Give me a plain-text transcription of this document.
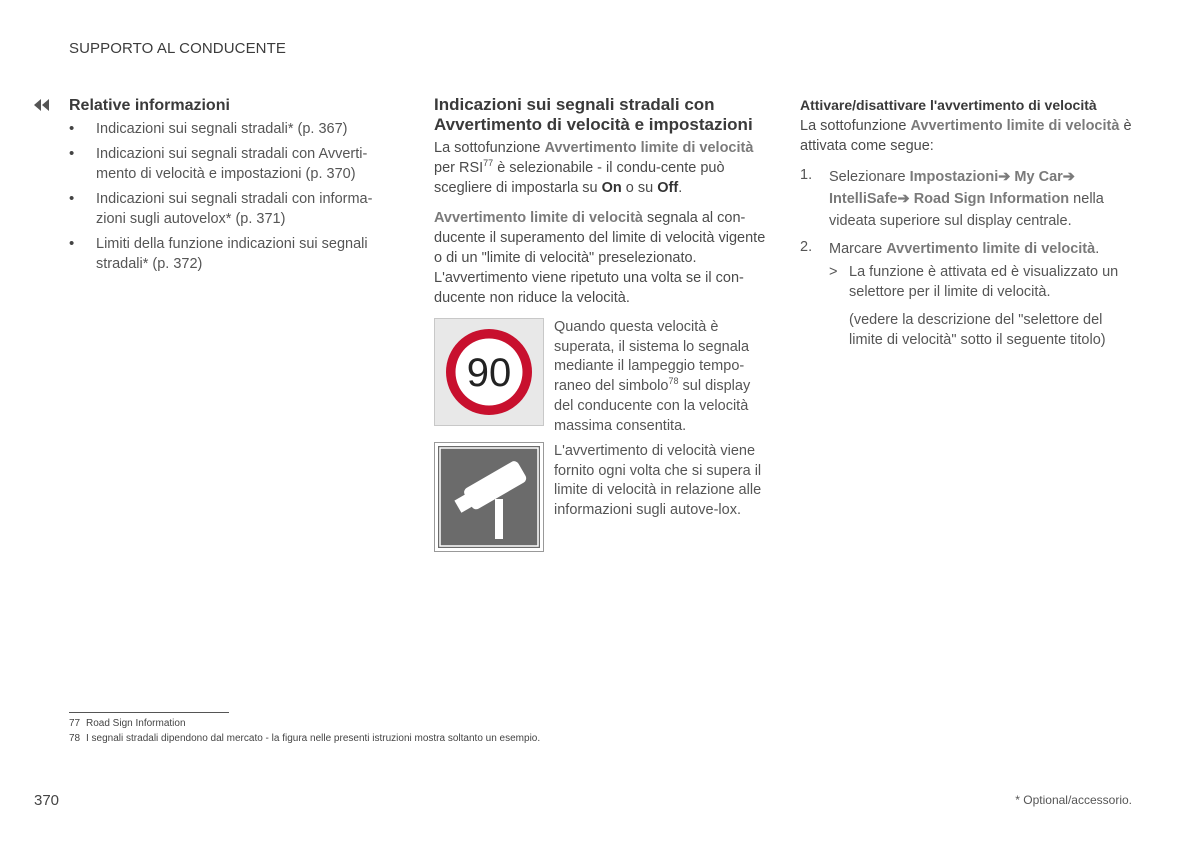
SUPPORTO AL CONDUCENTE
Relative informazioni
• Indicazioni sui segnali stradali* (p. 367)
• Indicazioni sui segnali stradali con Avverti-mento di velocità e impostazioni (p. 370)
• Indicazioni sui segnali stradali con informa-zioni sugli autovelox* (p. 371)
• Limiti della funzione indicazioni sui segnali stradali* (p. 372)
Indicazioni sui segnali stradali con Avvertimento di velocità e impostazioni

La sottofunzione Avvertimento limite di velocità per RSI$^{77}$ è selezionabile - il condu-cente può scegliere di impostarla su On o su Off.

Avvertimento limite di velocità segnala al con-ducente il superamento del limite di velocità vigente o di un "limite di velocità" preselezionato. L'avvertimento viene ripetuto una volta se il con-ducente non riduce la velocità.

90
Quando questa velocità è superata, il sistema lo segnala mediante il lampeggio tempo-raneo del simbolo$^{78}$ sul display del conducente con la velocità massima consentita.
L'avvertimento di velocità viene fornito ogni volta che si supera il limite di velocità in relazione alle informazioni sugli autove-lox.
Attivare/disattivare l'avvertimento di velocità

La sottofunzione Avvertimento limite di velocità è attivata come segue:

1. Selezionare Impostazioni➔ My Car➔ IntelliSafe➔ Road Sign Information nella videata superiore sul display centrale.
2. Marcare Avvertimento limite di velocità.
> La funzione è attivata ed è visualizzato un selettore per il limite di velocità.

(vedere la descrizione del "selettore del limite di velocità" sotto il seguente titolo)

77 Road Sign Information
78 I segnali stradali dipendono dal mercato - la figura nelle presenti istruzioni mostra soltanto un esempio.
370	* Optional/accessorio.
